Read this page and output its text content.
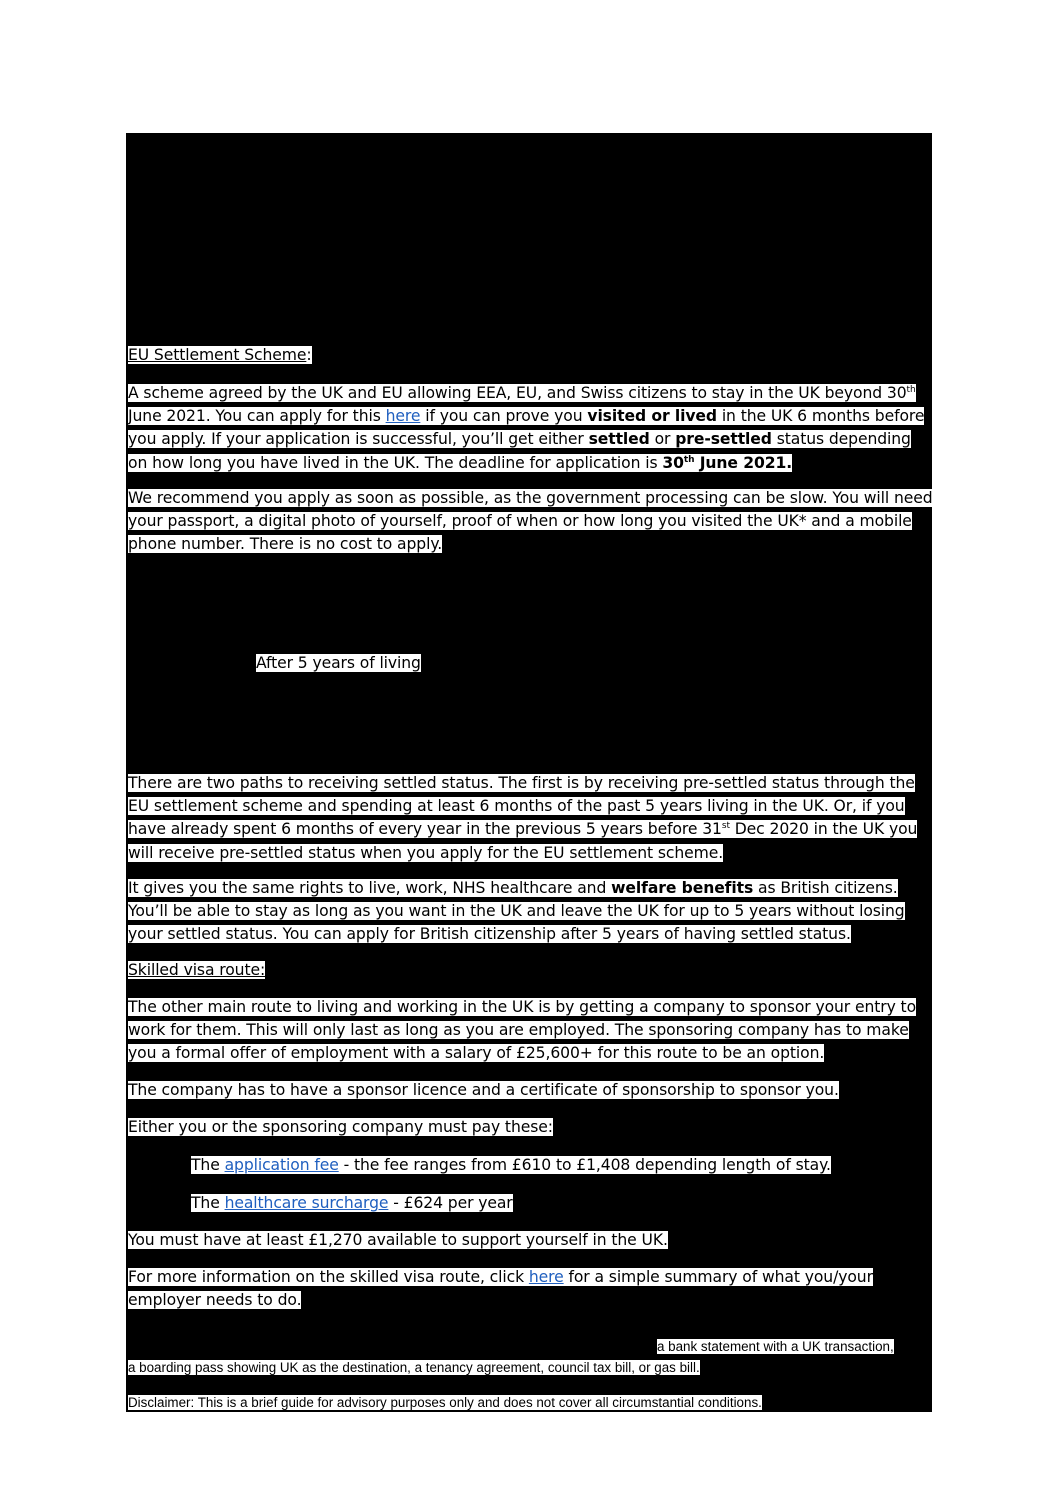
EU Settlement Scheme:
A scheme agreed by the UK and EU allowing EEA, EU, and Swiss citizens to stay in the UK beyond 30th June 2021. You can apply for this here if you can prove you visited or lived in the UK 6 months before you apply. If your application is successful, you’ll get either settled or pre-settled status depending on how long you have lived in the UK. The deadline for application is 30th June 2021.
We recommend you apply as soon as possible, as the government processing can be slow. You will need your passport, a digital photo of yourself, proof of when or how long you visited the UK* and a mobile phone number. There is no cost to apply.
After 5 years of living
There are two paths to receiving settled status. The first is by receiving pre-settled status through the EU settlement scheme and spending at least 6 months of the past 5 years living in the UK. Or, if you have already spent 6 months of every year in the previous 5 years before 31st Dec 2020 in the UK you will receive pre-settled status when you apply for the EU settlement scheme.
It gives you the same rights to live, work, NHS healthcare and welfare benefits as British citizens. You’ll be able to stay as long as you want in the UK and leave the UK for up to 5 years without losing your settled status. You can apply for British citizenship after 5 years of having settled status.
Skilled visa route:
The other main route to living and working in the UK is by getting a company to sponsor your entry to work for them. This will only last as long as you are employed. The sponsoring company has to make you a formal offer of employment with a salary of £25,600+ for this route to be an option.
The company has to have a sponsor licence and a certificate of sponsorship to sponsor you.
Either you or the sponsoring company must pay these:
The application fee - the fee ranges from £610 to £1,408 depending length of stay.
The healthcare surcharge - £624 per year
You must have at least £1,270 available to support yourself in the UK.
For more information on the skilled visa route, click here for a simple summary of what you/your employer needs to do.
a bank statement with a UK transaction,
a boarding pass showing UK as the destination, a tenancy agreement, council tax bill, or gas bill.
Disclaimer: This is a brief guide for advisory purposes only and does not cover all circumstantial conditions.
